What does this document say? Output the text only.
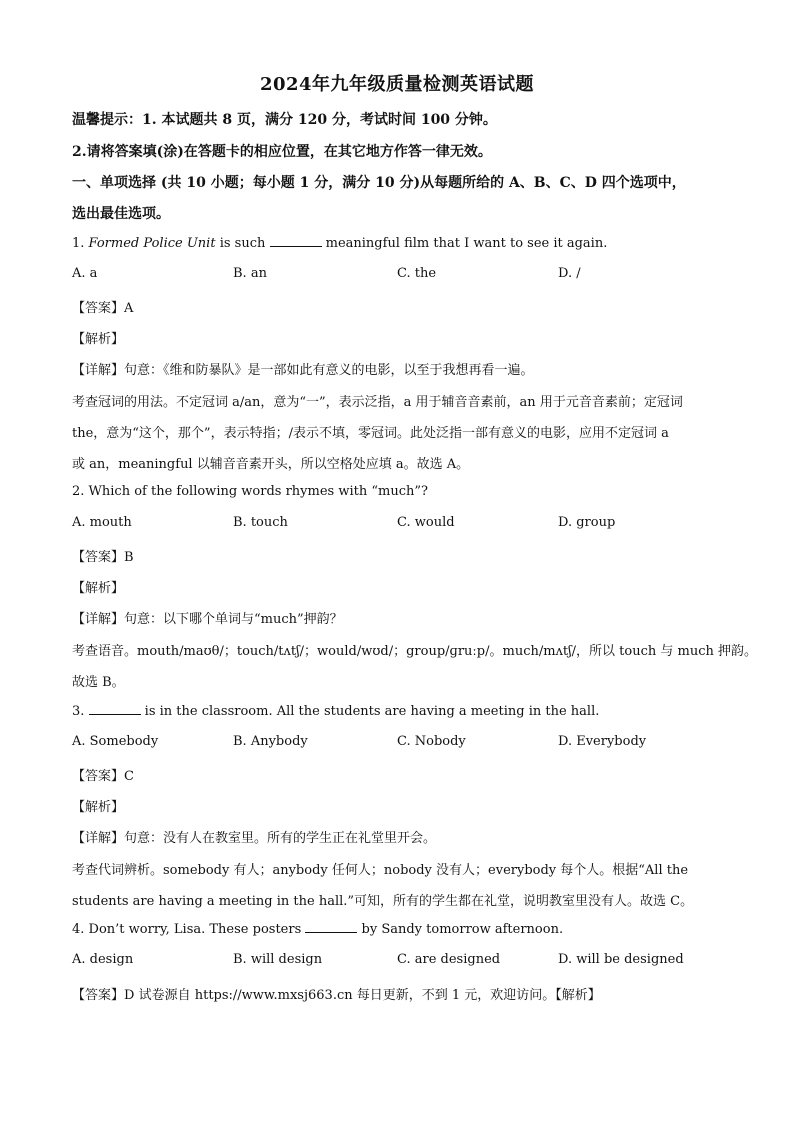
2024年九年级质量检测英语试题
温馨提示：1. 本试题共 8 页，满分 120 分，考试时间 100 分钟。
2.请将答案填(涂)在答题卡的相应位置，在其它地方作答一律无效。
一、单项选择 (共 10 小题；每小题 1 分，满分 10 分)从每题所给的 A、B、C、D 四个选项中，
选出最佳选项。
1. Formed Police Unit is such	meaningful film that I want to see it again.
A. a	B. an	C. the	D. /
【答案】A
【解析】
【详解】句意：《维和防暴队》是一部如此有意义的电影，以至于我想再看一遍。
考查冠词的用法。不定冠词 a/an，意为“一”，表示泛指，a 用于辅音音素前，an 用于元音音素前；定冠词
the，意为“这个，那个”，表示特指；/表示不填，零冠词。此处泛指一部有意义的电影，应用不定冠词 a
或 an，meaningful 以辅音音素开头，所以空格处应填 a。故选 A。
2. Which of the following words rhymes with “much”?
A. mouth	B. touch	C. would	D. group
【答案】B
【解析】
【详解】句意：以下哪个单词与“much”押韵？
考查语音。mouth/maʊθ/；touch/tʌtʃ/；would/wʊd/；group/ɡruːp/。much/mʌtʃ/，所以 touch 与 much 押韵。
故选 B。
3.	is in the classroom. All the students are having a meeting in the hall.
A. Somebody	B. Anybody	C. Nobody	D. Everybody
【答案】C
【解析】
【详解】句意：没有人在教室里。所有的学生正在礼堂里开会。
考查代词辨析。somebody 有人；anybody 任何人；nobody 没有人；everybody 每个人。根据“All the
students are having a meeting in the hall.”可知，所有的学生都在礼堂，说明教室里没有人。故选 C。
4. Don’t worry, Lisa. These posters	by Sandy tomorrow afternoon.
A. design	B. will design	C. are designed	D. will be designed
【答案】D 试卷源自 https://www.mxsj663.cn 每日更新，不到 1 元，欢迎访问。【解析】
